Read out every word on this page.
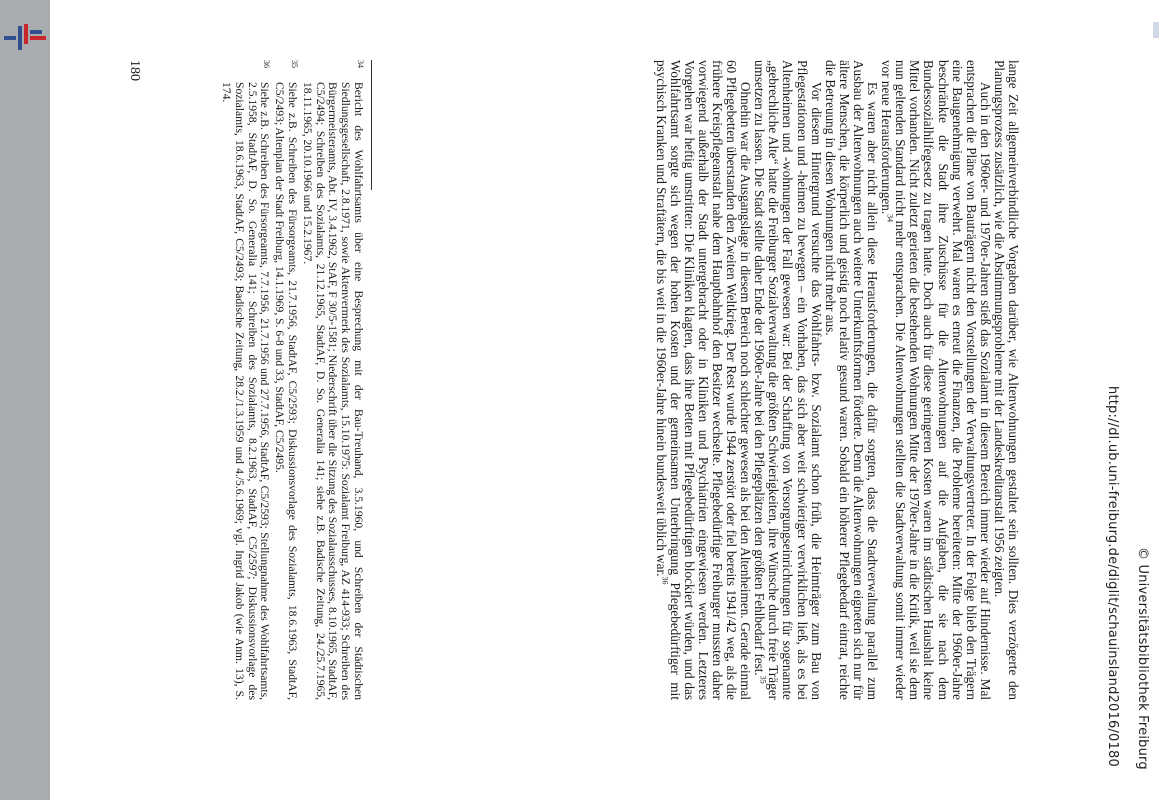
lange Zeit allgemeinverbindliche Vorgaben darüber, wie Altenwohnungen gestaltet sein sollten. Dies verzögerte den Planungsprozess zusätzlich, wie die Abstimmungsprobleme mit der Landeskreditanstalt 1956 zeigten.

Auch in den 1960er- und 1970er-Jahren stieß das Sozialamt in diesem Bereich immer wieder auf Hindernisse. Mal entsprachen die Pläne von Bauträgern nicht den Vorstellungen der Verwaltungsvertreter. In der Folge blieb den Trägern eine Baugenehmigung verwehrt. Mal waren es erneut die Finanzen, die Probleme bereiteten: Mitte der 1960er-Jahre beschränkte die Stadt ihre Zuschüsse für die Altenwohnungen auf die Aufgaben, die sie nach dem Bundessozialhilfegesetz zu tragen hatte. Doch auch für diese geringeren Kosten waren im städtischen Haushalt keine Mittel vorhanden. Nicht zuletzt gerieten die bestehenden Wohnungen Mitte der 1970er-Jahre in die Kritik, weil sie dem nun geltenden Standard nicht mehr entsprachen. Die Altenwohnungen stellten die Stadtverwaltung somit immer wieder vor neue Herausforderungen.$^{34}$

Es waren aber nicht allein diese Herausforderungen, die dafür sorgten, dass die Stadtverwaltung parallel zum Ausbau der Altenwohnungen auch weitere Unterkunftsformen förderte. Denn die Altenwohnungen eigneten sich nur für ältere Menschen, die körperlich und geistig noch relativ gesund waren. Sobald ein höherer Pflegebedarf eintrat, reichte die Betreuung in diesen Wohnungen nicht mehr aus.

Vor diesem Hintergrund versuchte das Wohlfahrts- bzw. Sozialamt schon früh, die Heimträger zum Bau von Pflegestationen und -heimen zu bewegen – ein Vorhaben, das sich aber weit schwieriger verwirklichen ließ, als es bei Altenheimen und -wohnungen der Fall gewesen war: Bei der Schaffung von Versorgungseinrichtungen für sogenannte „gebrechliche Alte“ hatte die Freiburger Sozialverwaltung die größten Schwierigkeiten, ihre Wünsche durch freie Träger umsetzen zu lassen. Die Stadt stellte daher Ende der 1960er-Jahre bei den Pflegeplätzen den größten Fehlbedarf fest.$^{35}$

Ohnehin war die Ausgangslage in diesem Bereich noch schlechter gewesen als bei den Altenheimen. Gerade einmal 60 Pflegebetten überstanden den Zweiten Weltkrieg. Der Rest wurde 1944 zerstört oder fiel bereits 1941/42 weg, als die frühere Kreispflegeanstalt nahe dem Hauptbahnhof den Besitzer wechselte. Pflegebedürftige Freiburger mussten daher vorwiegend außerhalb der Stadt untergebracht oder in Kliniken und Psychiatrien eingewiesen werden. Letzteres Vorgehen war heftig umstritten: Die Kliniken klagten, dass ihre Betten mit Pflegebedürftigen blockiert würden, und das Wohlfahrtsamt sorgte sich wegen der hohen Kosten und der gemeinsamen Unterbringung Pflegebedürftiger mit psychisch Kranken und Straftätern, die bis weit in die 1960er-Jahre hinein bundesweit üblich war.$^{36}$

34
Bericht des Wohlfahrtsamts über eine Besprechung mit der Bau-Treuhand, 3.5.1960, und Schreiben der Städtischen Siedlungsgesellschaft, 2.8.1971, sowie Aktenvermerk des Sozialamts, 15.10.1975: Sozialamt Freiburg, AZ 414-933; Schreiben des Bürgermeisteramts, Abt. IV, 3.4.1962, StAF, F 30/5-1581; Niederschrift über die Sitzung des Sozialausschusses, 8.10.1965, StadtAF, C5/2494; Schreiben des Sozialamts, 21.12.1965, StadtAF, D. So. Generalia 141; siehe z.B. Badische Zeitung, 24./25.7.1965, 18.11.1965, 20.10.1966 und 15.2.1967.
35
Siehe z.B. Schreiben des Fürsorgeamts, 21.7.1956, StadtAF, C5/2593; Diskussionsvorlage des Sozialamts, 18.6.1963, StadtAF, C5/2493; Altenplan der Stadt Freiburg, 14.1.1969, S. 6-8 und 33, StadtAF, C5/2495.
36
Siehe z.B. Schreiben des Fürsorgeamts, 7.7.1956, 21.7.1956 und 27.7.1956, StadtAF, C5/2593; Stellungnahme des Wohlfahrtsamts, 2.5.1958, StadtAF, D. So. Generalia 141; Schreiben des Sozialamts, 8.2.1963, StadtAF, C5/2597; Diskussionsvorlage des Sozialamts, 18.6.1963, StadtAF, C5/2493; Badische Zeitung, 28.2./1.3.1959 und 4./5.6.1969; vgl. Ingrid Jakob (wie Anm. 13), S. 174.
180
http://dl.ub.uni-freiburg.de/diglit/schauinsland2016/0180 © Universitätsbibliothek Freiburg
